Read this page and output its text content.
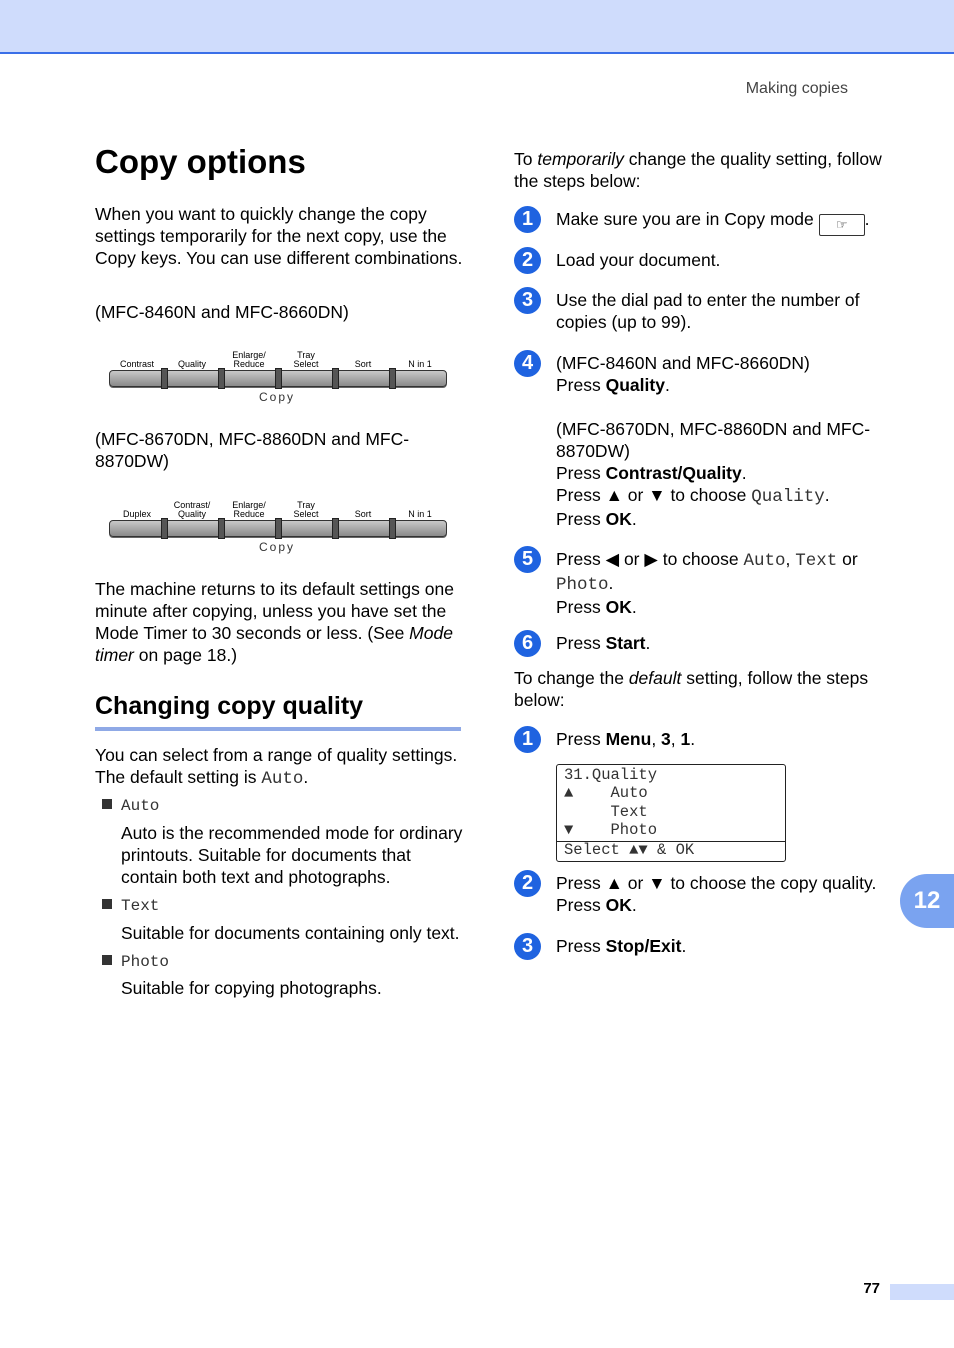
Making copies
Copy options

When you want to quickly change the copy settings temporarily for the next copy, use the Copy keys. You can use different combinations.

(MFC-8460N and MFC-8660DN)

Contrast	Quality
Enlarge/
Reduce
Tray
Select	Sort	N in 1
Copy

(MFC-8670DN, MFC-8860DN and MFC-8870DW)

Duplex
Contrast/
Quality
Enlarge/
Reduce
Tray
Select	Sort	N in 1
Copy

The machine returns to its default settings one minute after copying, unless you have set the Mode Timer to 30 seconds or less. (See Mode timer on page 18.)

Changing copy quality

You can select from a range of quality settings. The default setting is Auto.

Auto
Auto is the recommended mode for ordinary printouts. Suitable for documents that contain both text and photographs.
Text
Suitable for documents containing only text.
Photo
Suitable for copying photographs.

To temporarily change the quality setting, follow the steps below:

1	Make sure you are in Copy mode ☞ .
2	Load your document.
3	Use the dial pad to enter the number of copies (up to 99).
4	(MFC-8460N and MFC-8660DN)
Press Quality.
(MFC-8670DN, MFC-8860DN and MFC-8870DW)
Press Contrast/Quality.
Press ▲ or ▼ to choose Quality.
Press OK.
5	Press ◀ or ▶ to choose Auto, Text or
Photo.
Press OK.
6	Press Start.

To change the default setting, follow the steps below:

1	Press Menu, 3, 1.
31.Quality
▲    Auto
Text
▼    Photo
Select ▲▼ & OK
2	Press ▲ or ▼ to choose the copy quality. Press OK.
3	Press Stop/Exit.
12
77
